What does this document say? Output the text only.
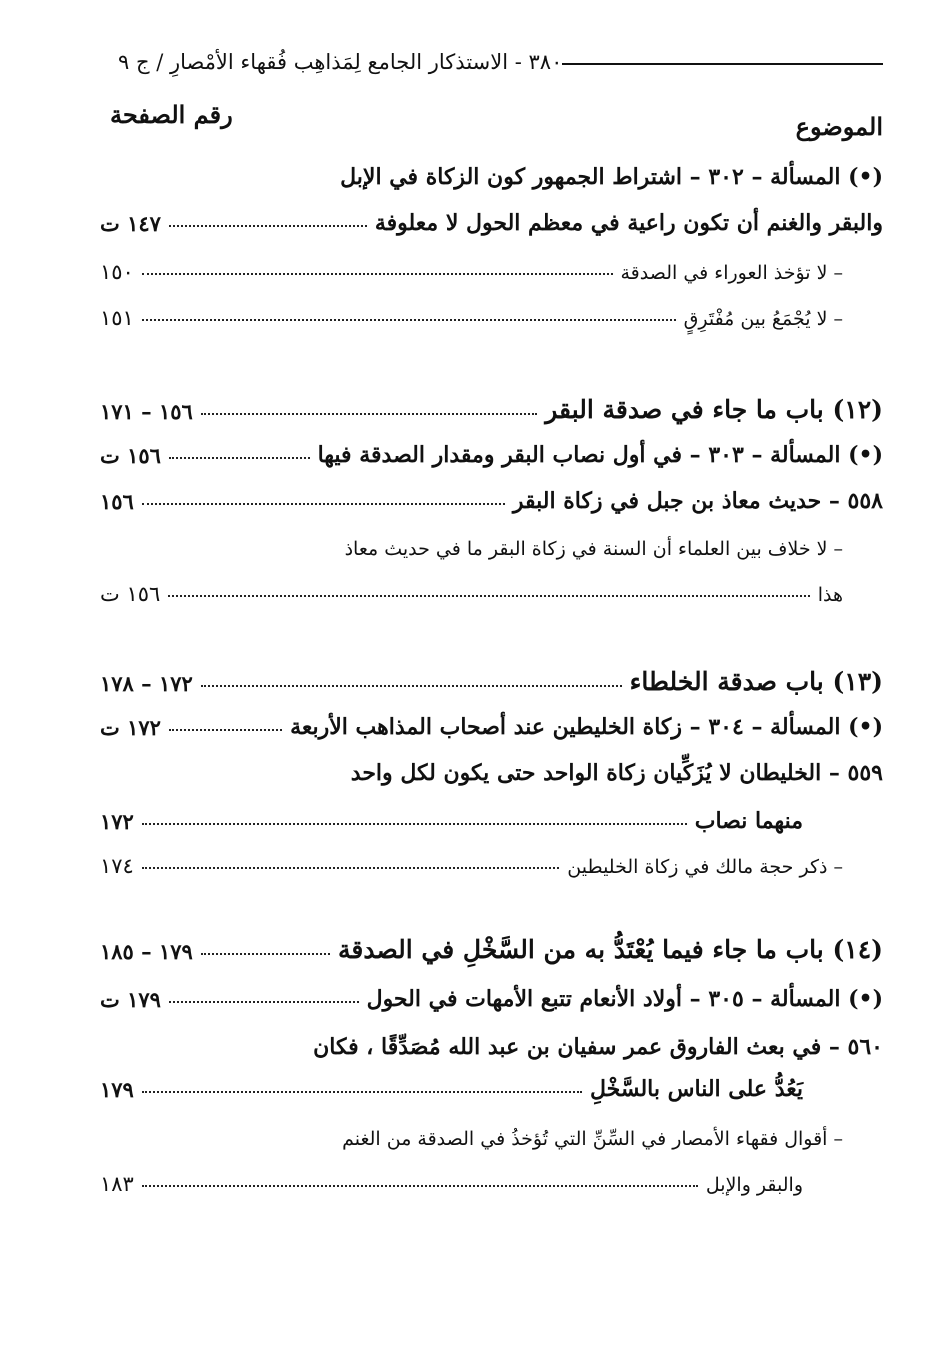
٣٨٠ - الاستذكار الجامع لِمَذاهِب فُقهاء الأمْصارِ / ج ٩
الموضوع
رقم الصفحة
(•) المسألة – ٣٠٢ – اشتراط الجمهور كون الزكاة في الإبل
والبقر والغنم أن تكون راعية في معظم الحول لا معلوفة
١٤٧ ت
– لا تؤخذ العوراء في الصدقة
١٥٠
– لا يُجْمَعُ بين مُفْتَرِقٍ
١٥١
(١٢) باب ما جاء في صدقة البقر
١٥٦ – ١٧١
(•) المسألة – ٣٠٣ – في أول نصاب البقر ومقدار الصدقة فيها
١٥٦ ت
٥٥٨ – حديث معاذ بن جبل في زكاة البقر
١٥٦
– لا خلاف بين العلماء أن السنة في زكاة البقر ما في حديث معاذ
هذا
١٥٦ ت
(١٣) باب صدقة الخلطاء
١٧٢ – ١٧٨
(•) المسألة – ٣٠٤ – زكاة الخليطين عند أصحاب المذاهب الأربعة
١٧٢ ت
٥٥٩ – الخليطان لا يُزَكِّيان زكاة الواحد حتى يكون لكل واحد
منهما نصاب
١٧٢
– ذكر حجة مالك في زكاة الخليطين
١٧٤
(١٤) باب ما جاء فيما يُعْتَدُّ به من السَّخْلِ في الصدقة
١٧٩ – ١٨٥
(•) المسألة – ٣٠٥ – أولاد الأنعام تتبع الأمهات في الحول
١٧٩ ت
٥٦٠ – في بعث الفاروق عمر سفيان بن عبد الله مُصَدِّقًا ، فكان
يَعُدُّ على الناس بالسَّخْلِ
١٧٩
– أقوال فقهاء الأمصار في السِّنِّ التي تُؤخذُ في الصدقة من الغنم
والبقر والإبل
١٨٣
